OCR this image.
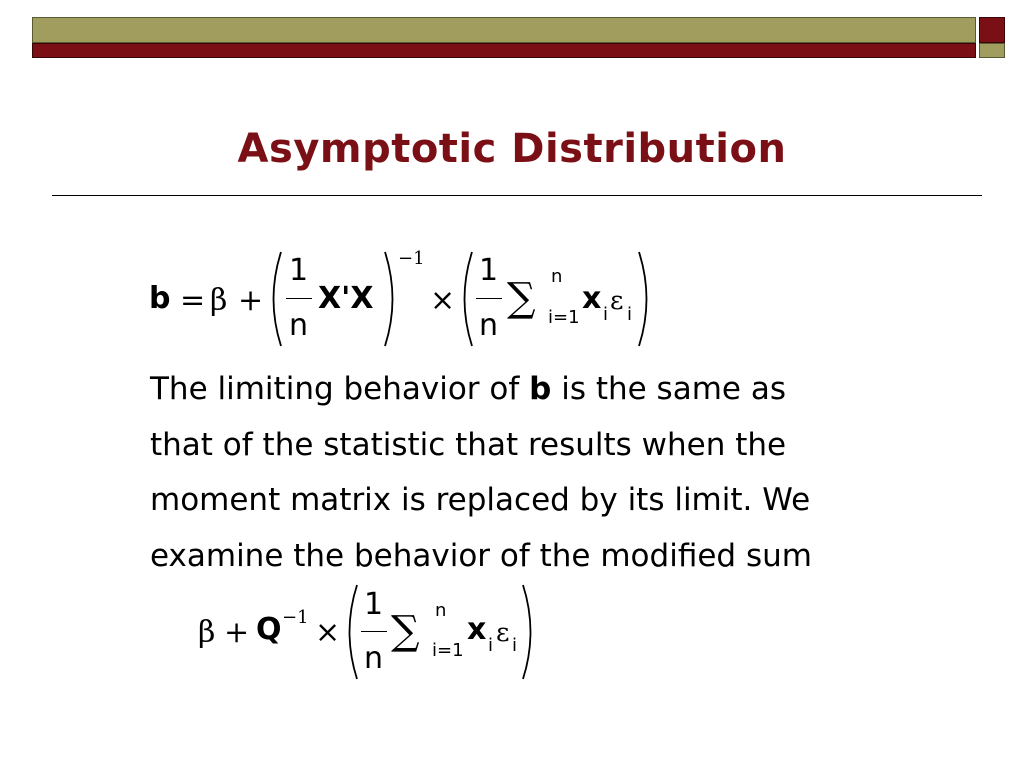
Asymptotic Distribution
b = β +
1
n
X'X
−1
×
1
n
∑ n
i=1
x i ε i
The limiting behavior of b is the same as
that of the statistic that results when the
moment matrix is replaced by its limit. We
examine the behavior of the modified sum
β + Q −1 ×
1
n
∑ n
i=1
x i ε i
